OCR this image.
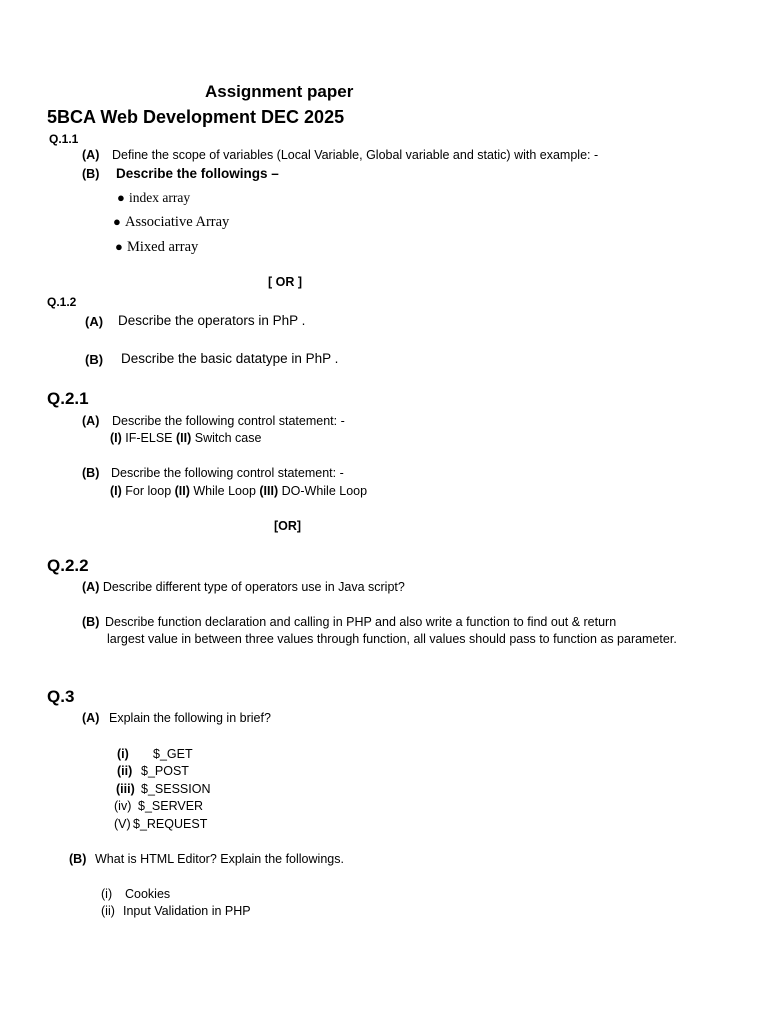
Assignment paper
5BCA Web Development DEC 2025
Q.1.1
(A) Define the scope of variables (Local Variable, Global variable and static) with example: -
(B) Describe the followings –
● index array
● Associative Array
● Mixed array
[ OR ]
Q.1.2
(A) Describe the operators in PhP .
(B) Describe the basic datatype in PhP .
Q.2.1
(A) Describe the following control statement: -
(I) IF-ELSE (II) Switch case
(B) Describe the following control statement: -
(I) For loop (II) While Loop (III) DO-While Loop
[OR]
Q.2.2
(A) Describe different type of operators use in Java script?
(B) Describe function declaration and calling in PHP and also write a function to find out & return
largest value in between three values through function, all values should pass to function as parameter.
Q.3
(A) Explain the following in brief?
(i) $_GET
(ii) $_POST
(iii) $_SESSION
(iv) $_SERVER
(V) $_REQUEST
(B) What is HTML Editor? Explain the followings.
(i) Cookies
(ii) Input Validation in PHP
